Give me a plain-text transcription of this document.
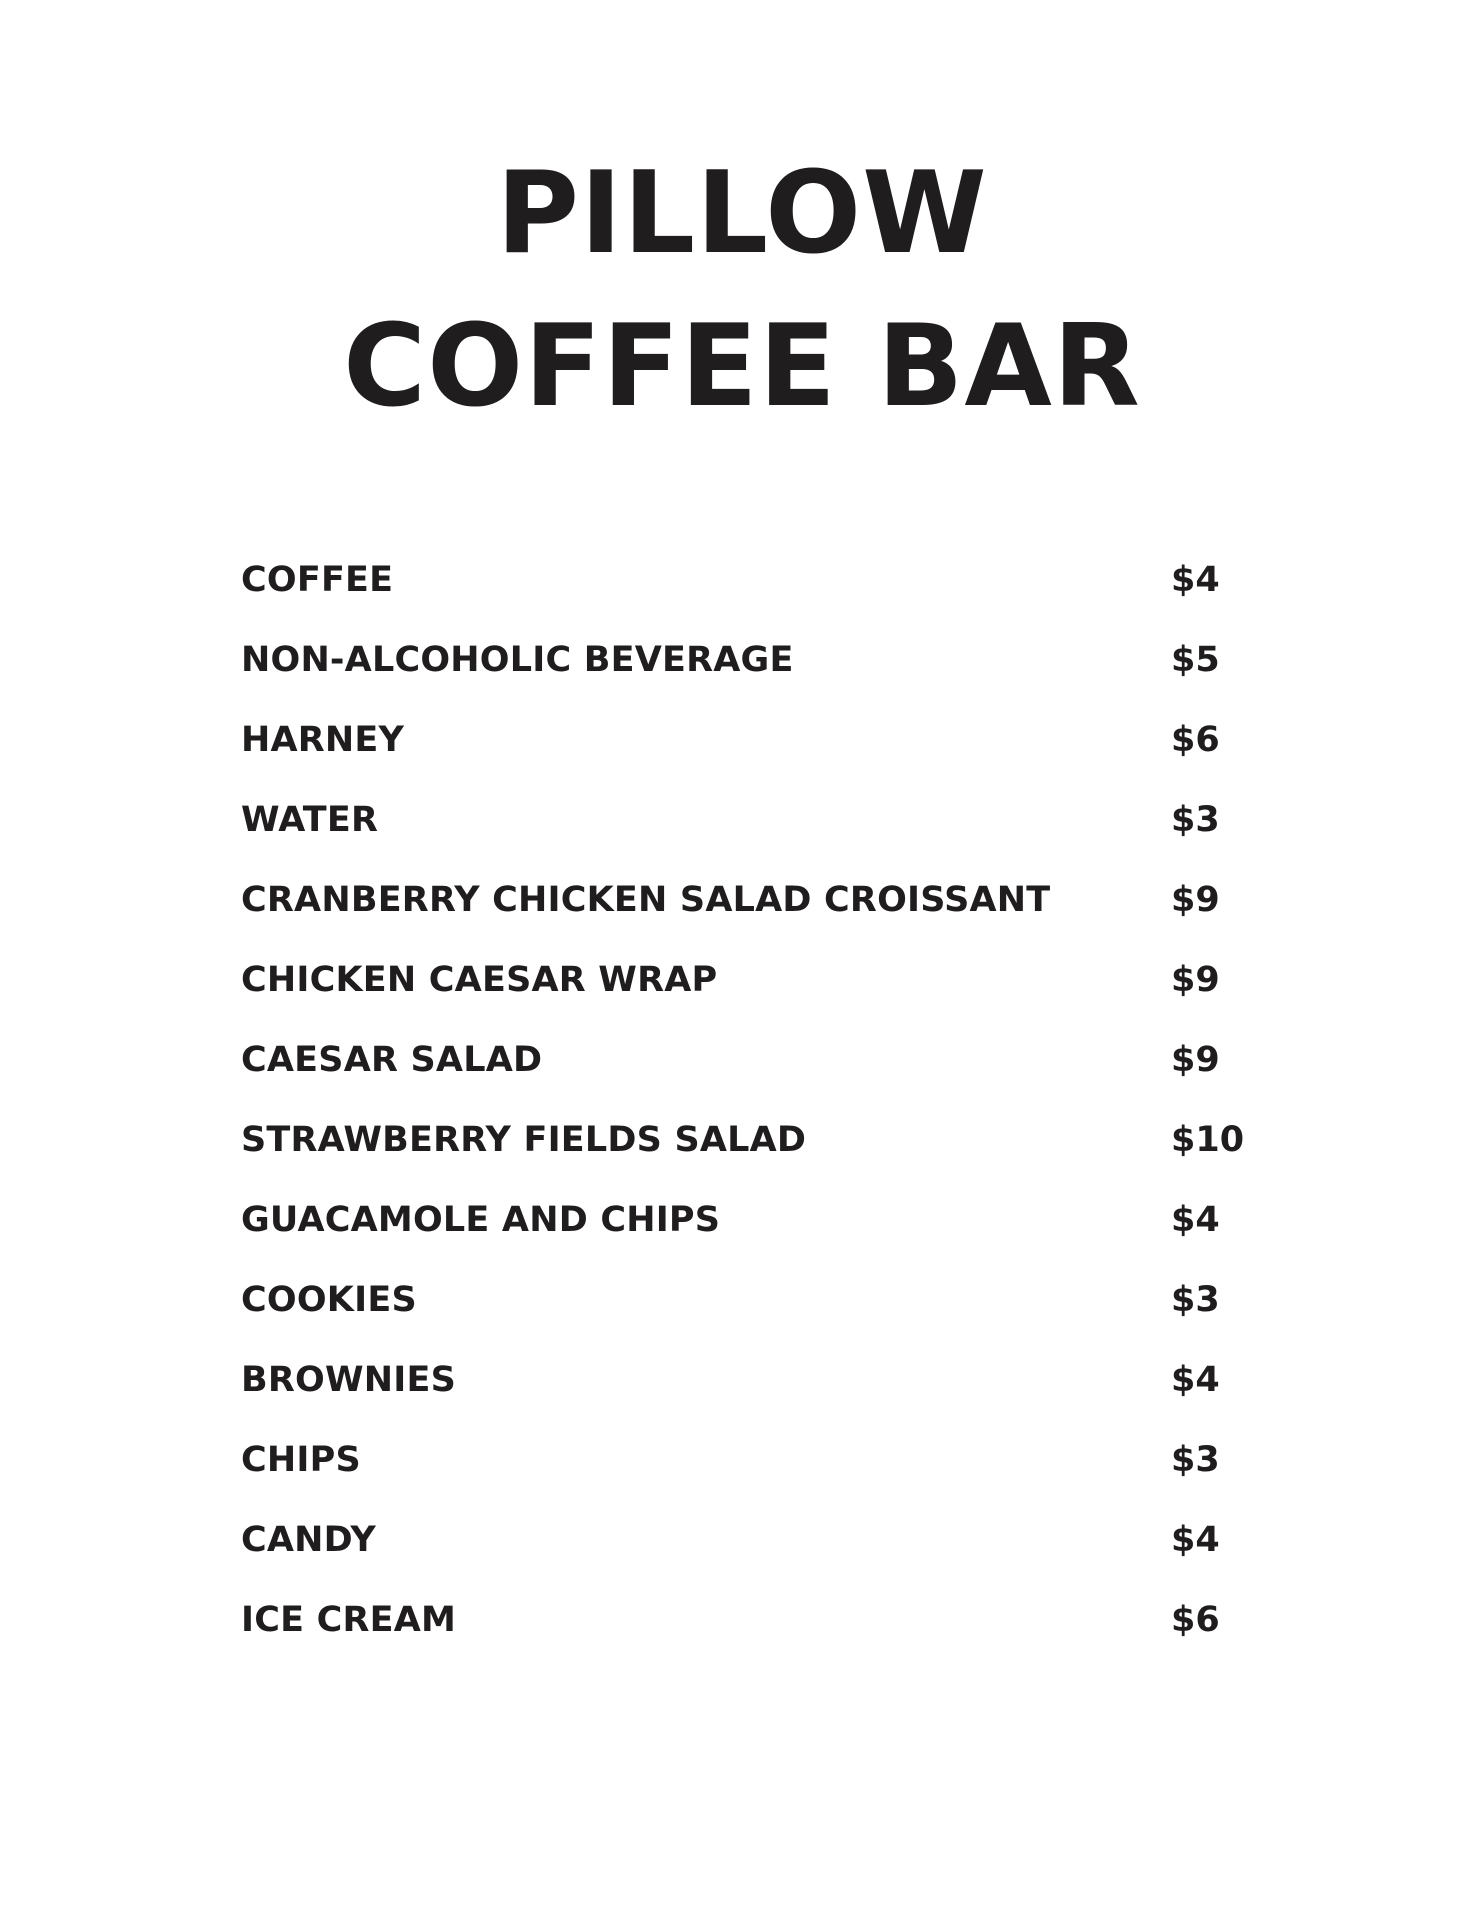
PILLOW
COFFEE BAR
COFFEE	$4
NON-ALCOHOLIC BEVERAGE	$5
HARNEY	$6
WATER	$3
CRANBERRY CHICKEN SALAD CROISSANT	$9
CHICKEN CAESAR WRAP	$9
CAESAR SALAD	$9
STRAWBERRY FIELDS SALAD	$10
GUACAMOLE AND CHIPS	$4
COOKIES	$3
BROWNIES	$4
CHIPS	$3
CANDY	$4
ICE CREAM	$6
